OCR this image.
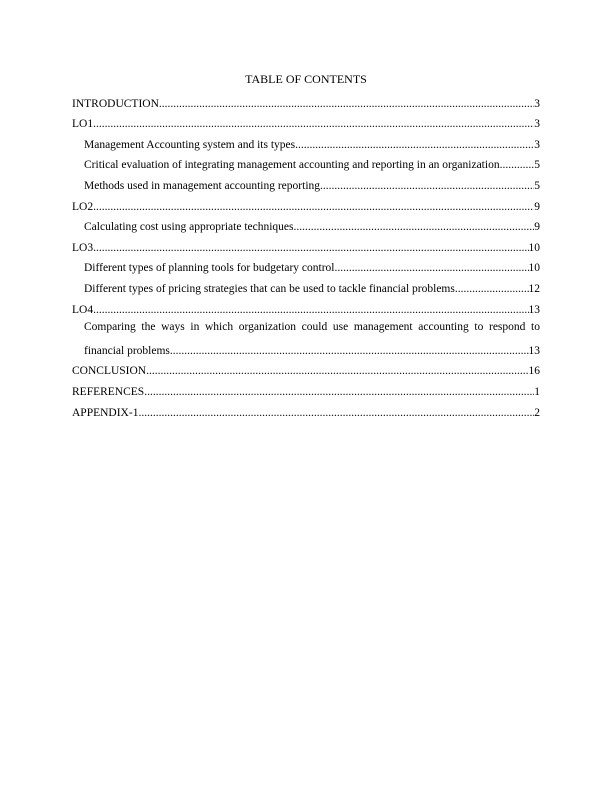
TABLE OF CONTENTS
INTRODUCTION .....	3
LO1 .....	3
Management Accounting system and its types .....	3
Critical evaluation of integrating management accounting and reporting in an organization .....	5
Methods used in management accounting reporting .....	5
LO2 .....	9
Calculating cost using appropriate techniques .....	9
LO3 .....	10
Different types of planning tools for budgetary control .....	10
Different types of pricing strategies that can be used to tackle financial problems .....	12
LO4 .....	13
Comparing the ways in which organization could use management accounting to respond to
financial problems .....	13
CONCLUSION .....	16
REFERENCES .....	1
APPENDIX-1 .....	2
